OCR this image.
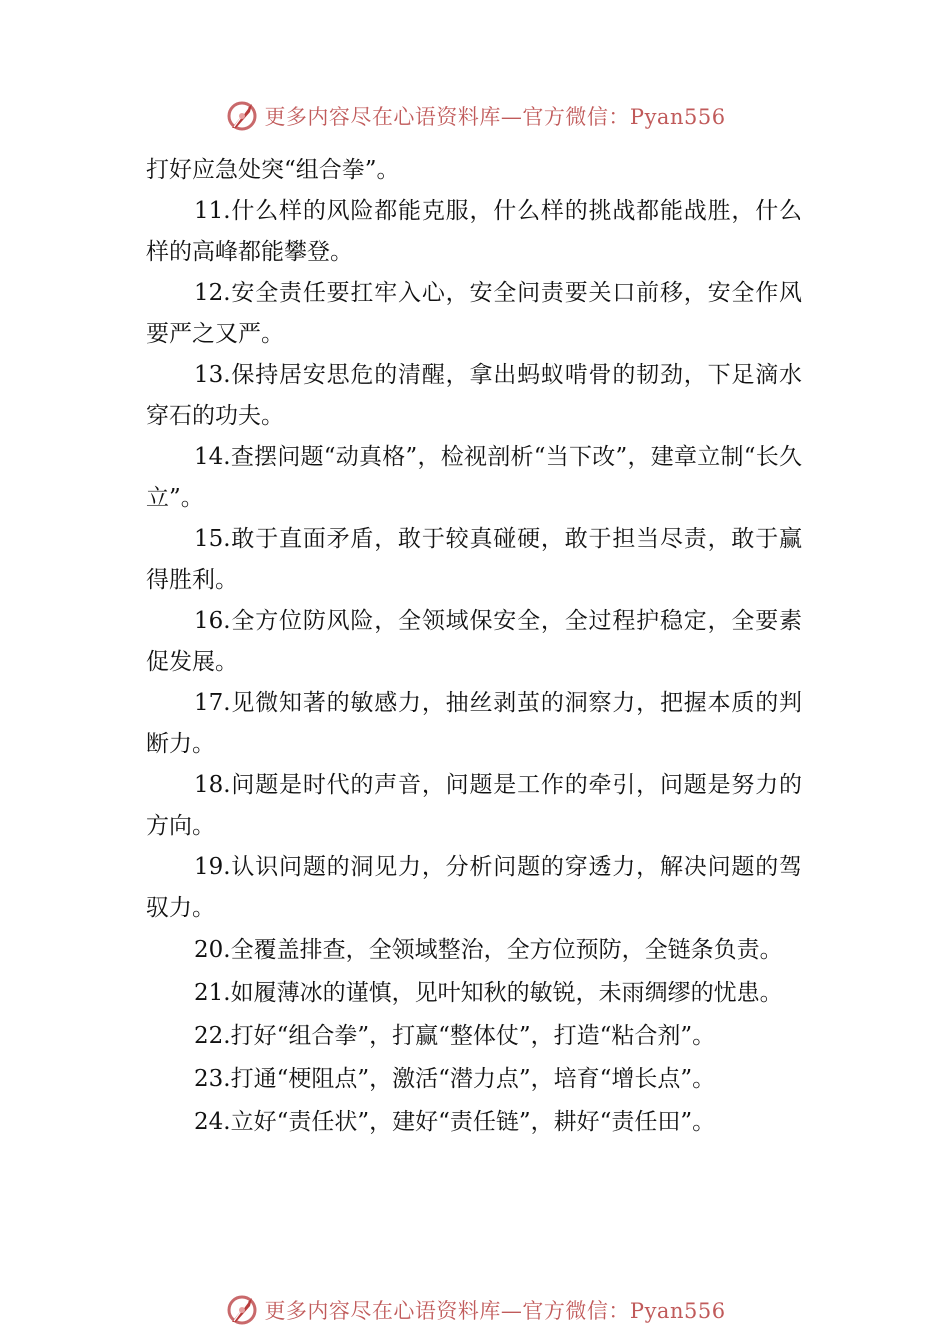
更多内容尽在心语资料库—官方微信：Pyan556

打好应急处突“组合拳”。

11.什么样的风险都能克服，什么样的挑战都能战胜，什么样的高峰都能攀登。

12.安全责任要扛牢入心，安全问责要关口前移，安全作风要严之又严。

13.保持居安思危的清醒，拿出蚂蚁啃骨的韧劲，下足滴水穿石的功夫。

14.查摆问题“动真格”，检视剖析“当下改”，建章立制“长久立”。

15.敢于直面矛盾，敢于较真碰硬，敢于担当尽责，敢于赢得胜利。

16.全方位防风险，全领域保安全，全过程护稳定，全要素促发展。

17.见微知著的敏感力，抽丝剥茧的洞察力，把握本质的判断力。

18.问题是时代的声音，问题是工作的牵引，问题是努力的方向。

19.认识问题的洞见力，分析问题的穿透力，解决问题的驾驭力。

20.全覆盖排查，全领域整治，全方位预防，全链条负责。

21.如履薄冰的谨慎，见叶知秋的敏锐，未雨绸缪的忧患。

22.打好“组合拳”，打赢“整体仗”，打造“粘合剂”。

23.打通“梗阻点”，激活“潜力点”，培育“增长点”。

24.立好“责任状”，建好“责任链”，耕好“责任田”。

更多内容尽在心语资料库—官方微信：Pyan556
